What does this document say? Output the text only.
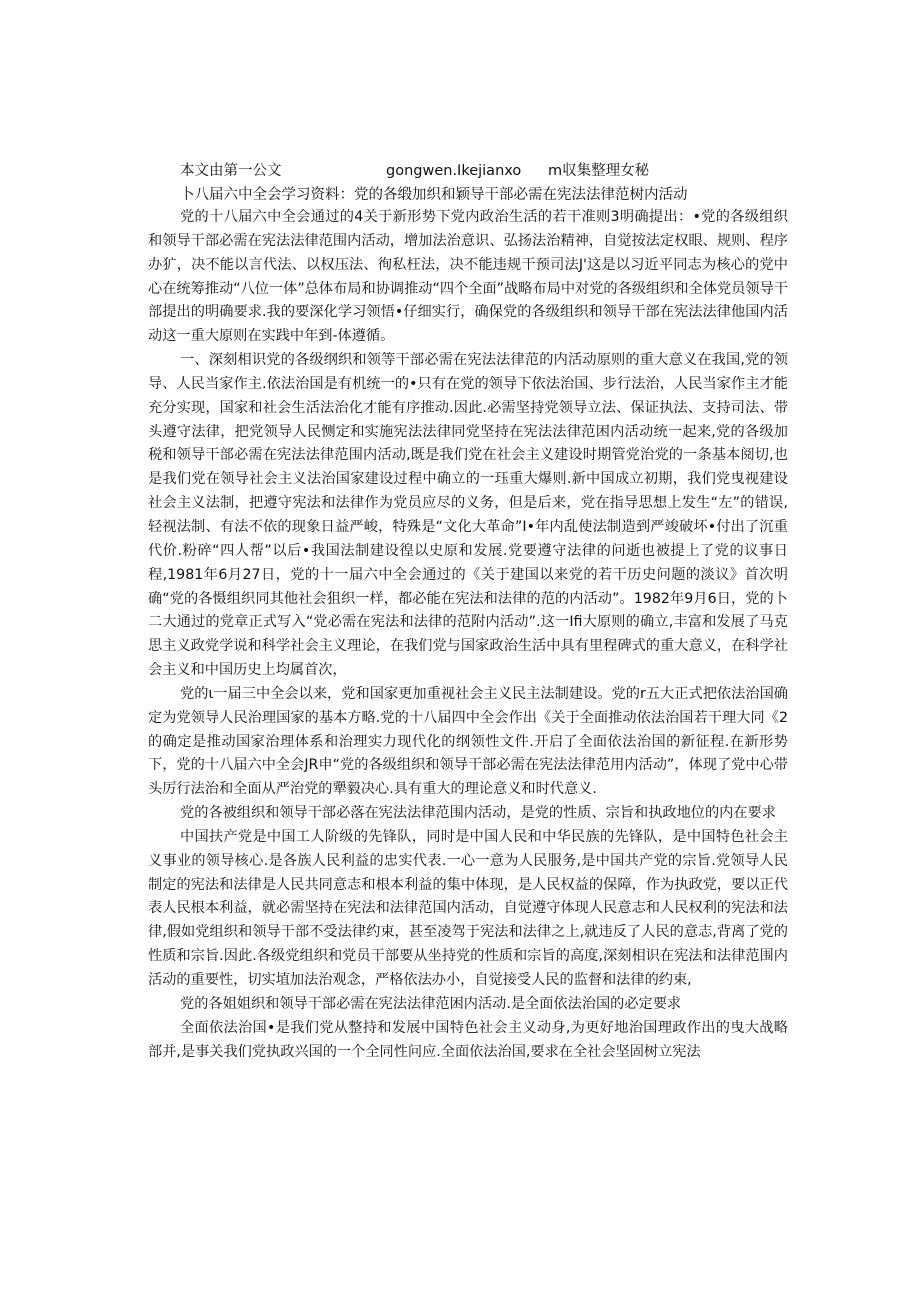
本文由第一公文	gongwen.Ikejianxo m収集整理女秘
卜八届六中全会学习资料：党的各缎加织和颖导干部必需在宪法法律范树内活动

党的十八届六中全会通过的4关于新形势下党内政治生活的若干准则3明确提出：•党的各级组织和领导干部必需在宪法法律范围内活动，增加法治意识、弘扬法治精神，自觉按法定权眼、规则、程序办犷，决不能以言代法、以权压法、徇私枉法，决不能违规干预司法J'这是以习近平同志为核心的党中心在统筹推动“八位一体”总体布局和协调推动“四个全面”战略布局中对党的各级组织和全体党员领导干部提出的明确要求.我的要深化学习领悟•仔细实行，确保党的各级组织和领导干部在宪法法律他国内活动这一重大原则在实践中年到-体遵循。

一、深刻相识党的各级纲织和领等干部必需在宪法法律范的内活动原则的重大意义在我国,党的领导、人民当家作主.依法治国是有机统一的•只有在党的领导下依法治国、步行法治，人民当家作主才能充分实现，国家和社会生活法治化才能有序推动.因此.必需坚持党领导立法、保证执法、支持司法、带头遵守法律，把党领导人民恻定和实施宪法法律同党坚持在宪法法律范困内活动统一起来,党的各级加税和领导干部必需在宪法法律范围内活动,既是我们党在社会主义建设时期管党治党的一条基本阅切,也是我们党在领导社会主义法治国家建设过程中确立的一珏重大爆则.新中国成立初期，我们党曳视建设社会主义法制，把遵守宪法和法律作为党员应尽的义务，但是后来，党在指导思想上发生“左”的错误,轻视法制、有法不依的现象日益严峻，特殊是“文化大革命”I•年内乱使法制造到严竣破坏•付出了沉重代价.粉碎“四人帮”以后•我国法制建设徨以史原和发展.党要遵守法律的问逝也被提上了党的议事日程,1981年6月27日，党的十一届六中全会通过的《关于建国以来党的若干历史问题的淡议》首次明确“党的各慑组织同其他社会狙织一样，都必能在宪法和法律的范的内活动”。1982年9月6日，党的卜二大通过的党章正式写入“党必需在宪法和法律的范附内活动”.这一Ifi大原则的确立,丰富和发展了马克思主义政党学说和科学社会主义理论，在我们党与国家政治生活中具有里程碑式的重大意义，在科学社会主义和中国历史上均属首次，

党的ι一届三中全会以来，党和国家更加重视社会主义民主法制建设。党的r五大正式把依法治国确定为党领导人民治理国家的基本方略.党的十八届四中全会作出《关于全面推动依法治国若干理大同《2的确定是推动国家治理体系和治理实力现代化的纲领性文件.开启了全面依法治国的新征程.在新形势下，党的十八届六中全会JR申“党的各级组织和领导干部必需在宪法法律范用内活动”，体现了党中心带头厉行法治和全面从严治党的犟毅决心.具有重大的理论意义和时代意义.

党的各被组织和领导干部必落在宪法法律范围内活动，是党的性质、宗旨和执政地位的内在要求

中国扶产党是中国工人阶级的先锋队，同时是中国人民和中华民族的先锋队，是中国特色社会主义事业的领导核心.是各族人民利益的忠实代表.一心一意为人民服务,是中国共产党的宗旨.党领导人民制定的宪法和法律是人民共同意志和根本利益的集中体现，是人民权益的保障，作为执政党，要以正代表人民根本利益，就必需坚持在宪法和法律范国内活动，自觉遵守体现人民意志和人民权利的宪法和法律,假如党组织和领导干部不受法律约束，甚至凌驾于宪法和法律之上,就违反了人民的意志,背离了党的性质和宗旨.因此.各级党组织和党员干部要从坐持党的性质和宗旨的高度,深刻相识在宪法和法律范围内活动的重要性，切实埴加法治观念，严格依法办小，自觉接受人民的监督和法律的约束,

党的各姐姐织和领导干部必需在宪法法律范困内活动.是全面依法治国的必定要求

全面依法治国•是我们党从整持和发展中国特色社会主义动身,为更好地治国理政作出的曳大战略部并,是事关我们党执政兴国的一个全同性问应.全面依法治国,要求在全社会坚固树立宪法
